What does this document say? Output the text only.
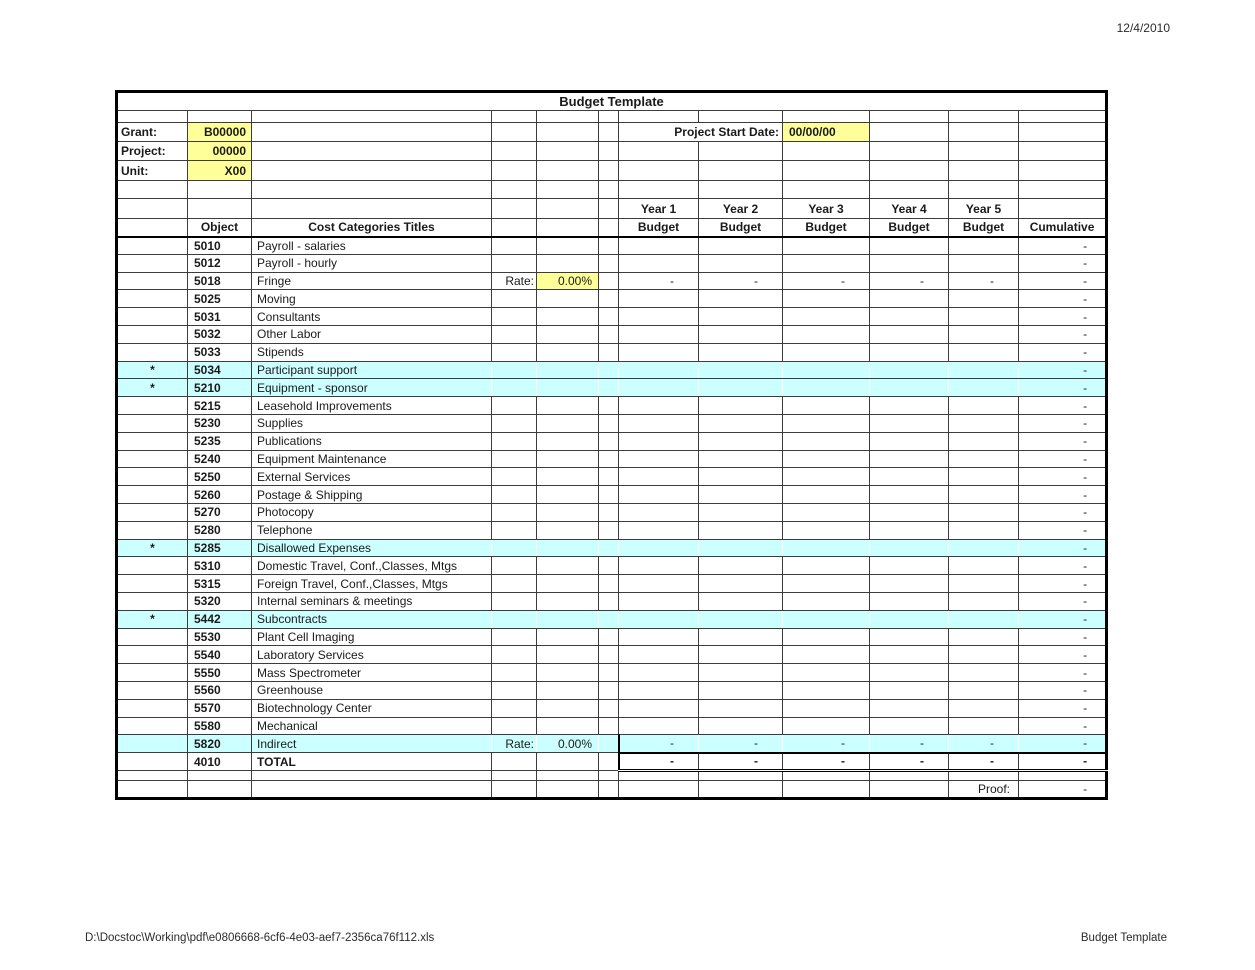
12/4/2010
Budget Template											

Grant:	B00000					Project Start Date:		00/00/00			
Project:	00000										
Unit:	X00										

						Year 1	Year 2	Year 3	Year 4	Year 5	
	Object	Cost Categories Titles				Budget	Budget	Budget	Budget	Budget	Cumulative
	5010	Payroll - salaries									-
	5012	Payroll - hourly									-
	5018	Fringe	Rate:	0.00%		-	-	-	-	-	-
	5025	Moving									-
	5031	Consultants									-
	5032	Other Labor									-
	5033	Stipends									-
*	5034	Participant support									-
*	5210	Equipment - sponsor									-
	5215	Leasehold Improvements									-
	5230	Supplies									-
	5235	Publications									-
	5240	Equipment Maintenance									-
	5250	External Services									-
	5260	Postage & Shipping									-
	5270	Photocopy									-
	5280	Telephone									-
*	5285	Disallowed Expenses									-
	5310	Domestic Travel, Conf.,Classes, Mtgs									-
	5315	Foreign Travel, Conf.,Classes, Mtgs									-
	5320	Internal seminars & meetings									-
*	5442	Subcontracts									-
	5530	Plant Cell Imaging									-
	5540	Laboratory Services									-
	5550	Mass Spectrometer									-
	5560	Greenhouse									-
	5570	Biotechnology Center									-
	5580	Mechanical									-
	5820	Indirect	Rate:	0.00%		-	-	-	-	-	-
	4010	TOTAL				-	-	-	-	-	-

										Proof:	-
D:\Docstoc\Working\pdf\e0806668-6cf6-4e03-aef7-2356ca76f112.xls	Budget Template
